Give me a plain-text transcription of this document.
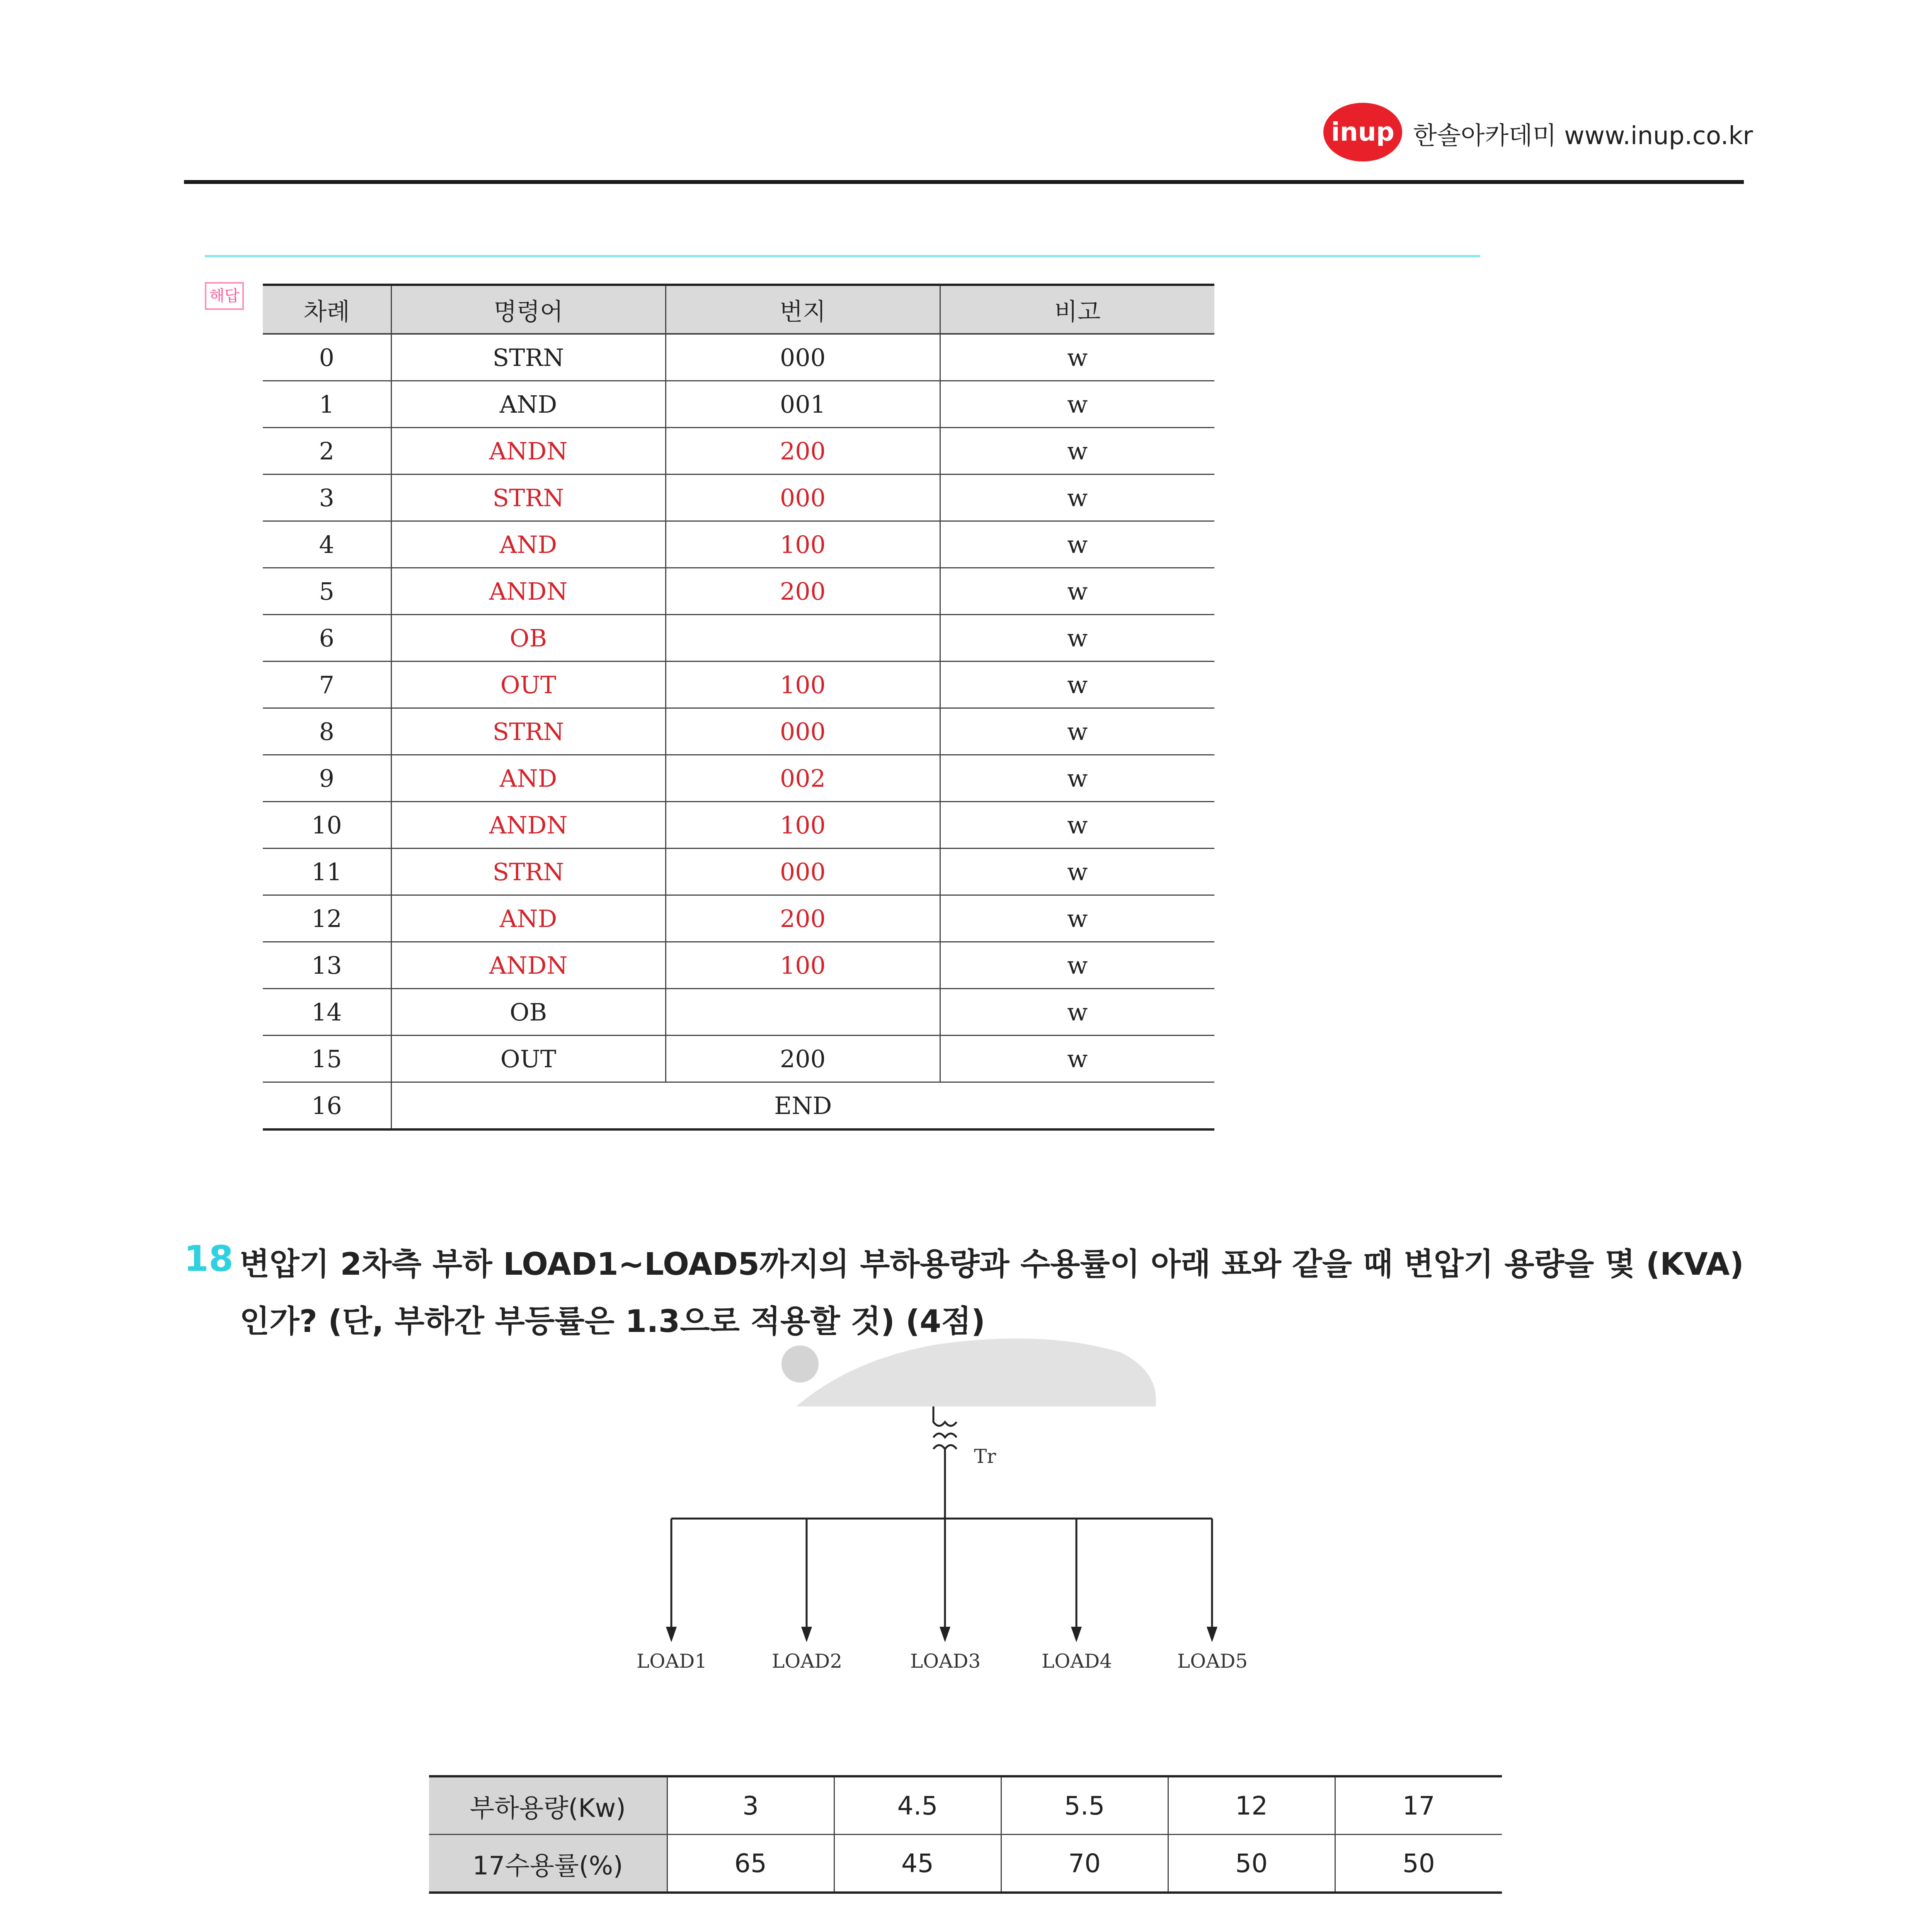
inup 한솔아카데미 www.inup.co.kr
해답
차례	명령어	번지	비고
0	STRN	000	w
1	AND	001	w
2	ANDN	200	w
3	STRN	000	w
4	AND	100	w
5	ANDN	200	w
6	OB		w
7	OUT	100	w
8	STRN	000	w
9	AND	002	w
10	ANDN	100	w
11	STRN	000	w
12	AND	200	w
13	ANDN	100	w
14	OB		w
15	OUT	200	w
16	END		
18 변압기 2차측 부하 LOAD1∼LOAD5까지의 부하용량과 수용률이 아래 표와 같을 때 변압기 용량을 몇 (KVA)인가? (단, 부하간 부등률은 1.3으로 적용할 것) (4점)
Tr
LOAD1	LOAD2	LOAD3	LOAD4	LOAD5
부하용량(Kw)	3	4.5	5.5	12	17
17수용률(%)	65	45	70	50	50
